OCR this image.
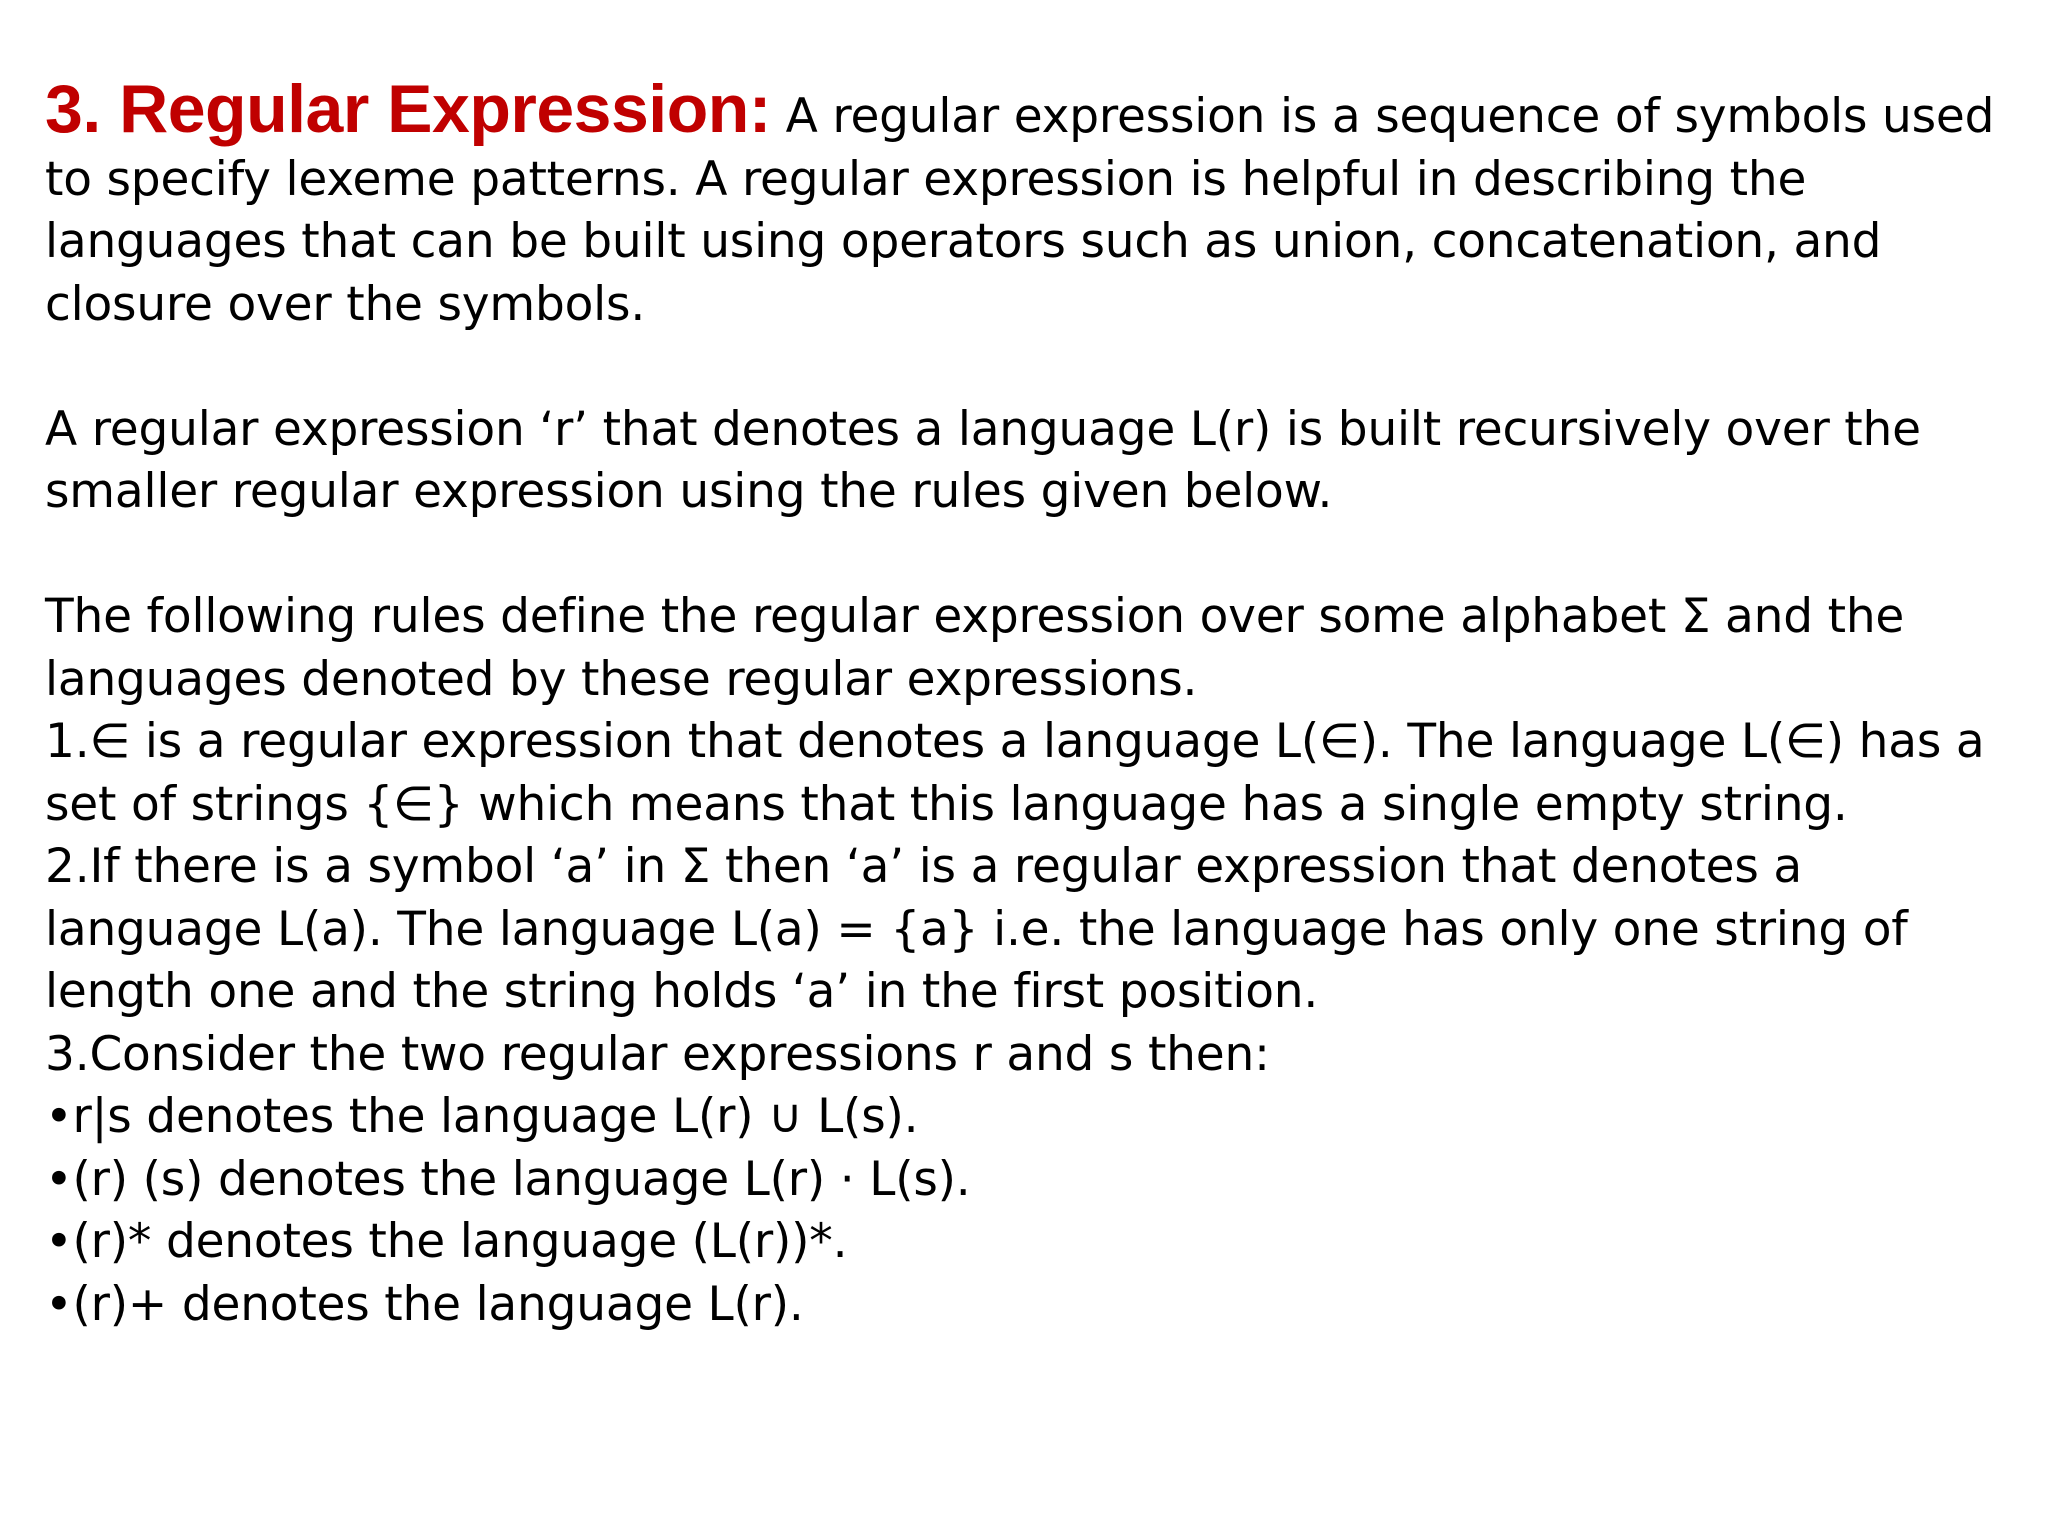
3. Regular Expression: A regular expression is a sequence of symbols used to specify lexeme patterns. A regular expression is helpful in describing the languages that can be built using operators such as union, concatenation, and closure over the symbols.

A regular expression ‘r’ that denotes a language L(r) is built recursively over the smaller regular expression using the rules given below.

The following rules define the regular expression over some alphabet Σ and the languages denoted by these regular expressions.

1.∈ is a regular expression that denotes a language L(∈). The language L(∈) has a set of strings {∈} which means that this language has a single empty string.

2.If there is a symbol ‘a’ in Σ then ‘a’ is a regular expression that denotes a language L(a). The language L(a) = {a} i.e. the language has only one string of length one and the string holds ‘a’ in the first position.

3.Consider the two regular expressions r and s then:

•r|s denotes the language L(r) ∪ L(s).
•(r) (s) denotes the language L(r) ⋅ L(s).
•(r)* denotes the language (L(r))*.
•(r)+ denotes the language L(r).
